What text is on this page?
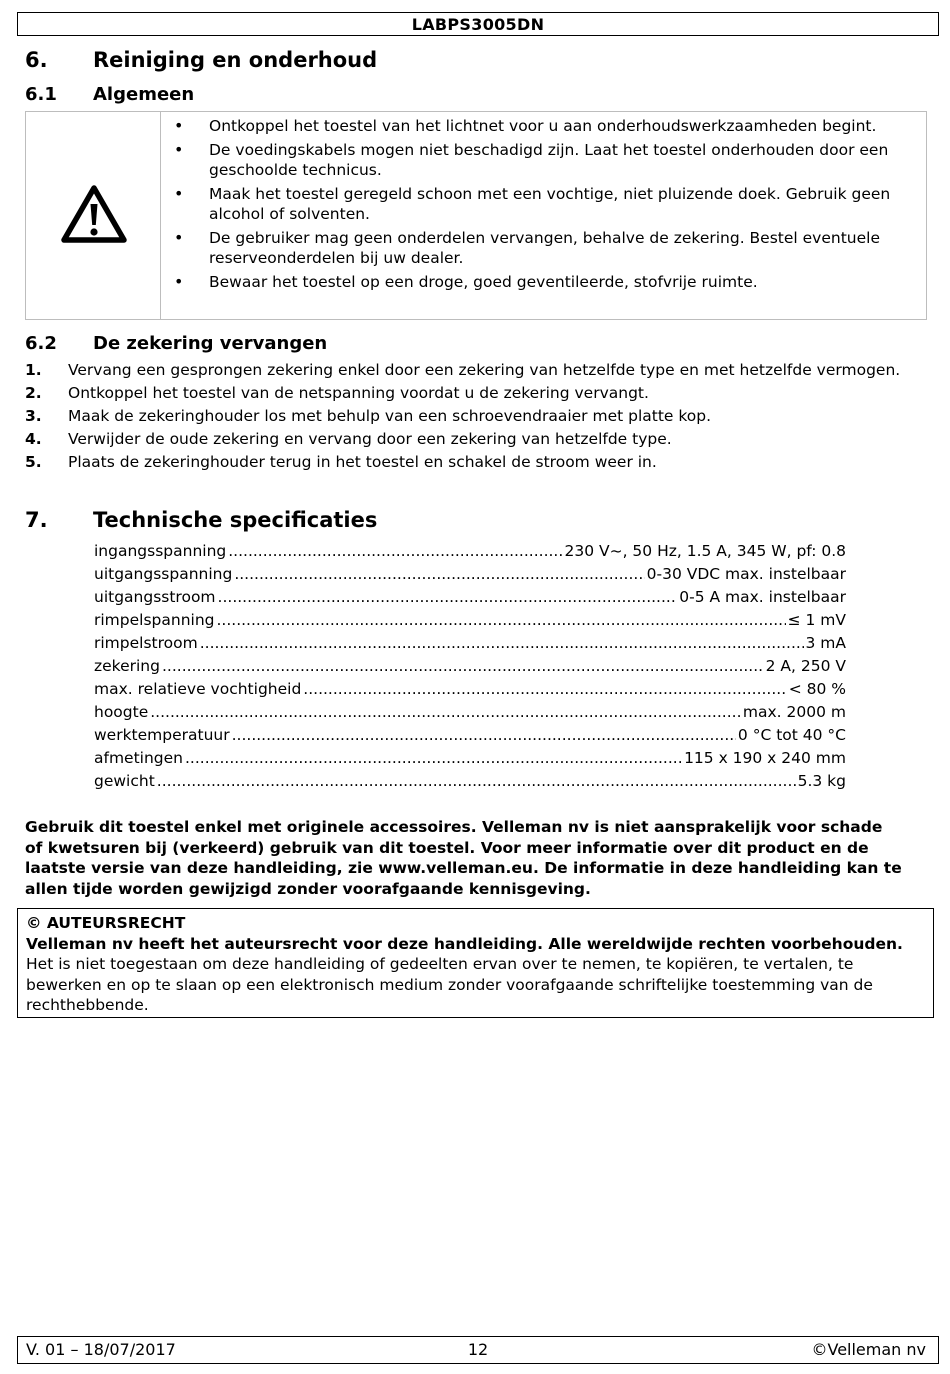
LABPS3005DN
6. Reiniging en onderhoud
6.1 Algemeen
• Ontkoppel het toestel van het lichtnet voor u aan onderhoudswerkzaamheden begint.
• De voedingskabels mogen niet beschadigd zijn. Laat het toestel onderhouden door een geschoolde technicus.
• Maak het toestel geregeld schoon met een vochtige, niet pluizende doek. Gebruik geen alcohol of solventen.
• De gebruiker mag geen onderdelen vervangen, behalve de zekering. Bestel eventuele reserveonderdelen bij uw dealer.
• Bewaar het toestel op een droge, goed geventileerde, stofvrije ruimte.
6.2 De zekering vervangen
1. Vervang een gesprongen zekering enkel door een zekering van hetzelfde type en met hetzelfde vermogen.
2. Ontkoppel het toestel van de netspanning voordat u de zekering vervangt.
3. Maak de zekeringhouder los met behulp van een schroevendraaier met platte kop.
4. Verwijder de oude zekering en vervang door een zekering van hetzelfde type.
5. Plaats de zekeringhouder terug in het toestel en schakel de stroom weer in.
7. Technische specificaties
ingangsspanning .....	230 V~, 50 Hz, 1.5 A, 345 W, pf: 0.8
uitgangsspanning .....	0-30 VDC max. instelbaar
uitgangsstroom .....	0-5 A max. instelbaar
rimpelspanning .....	≤ 1 mV
rimpelstroom .....	3 mA
zekering .....	2 A, 250 V
max. relatieve vochtigheid .....	< 80 %
hoogte .....	max. 2000 m
werktemperatuur .....	0 °C tot 40 °C
afmetingen .....	115 x 190 x 240 mm
gewicht .....	5.3 kg
Gebruik dit toestel enkel met originele accessoires. Velleman nv is niet aansprakelijk voor schade of kwetsuren bij (verkeerd) gebruik van dit toestel. Voor meer informatie over dit product en de laatste versie van deze handleiding, zie www.velleman.eu. De informatie in deze handleiding kan te allen tijde worden gewijzigd zonder voorafgaande kennisgeving.
© AUTEURSRECHT
Velleman nv heeft het auteursrecht voor deze handleiding. Alle wereldwijde rechten voorbehouden. Het is niet toegestaan om deze handleiding of gedeelten ervan over te nemen, te kopiëren, te vertalen, te bewerken en op te slaan op een elektronisch medium zonder voorafgaande schriftelijke toestemming van de rechthebbende.
12
V. 01 – 18/07/2017	©Velleman nv
